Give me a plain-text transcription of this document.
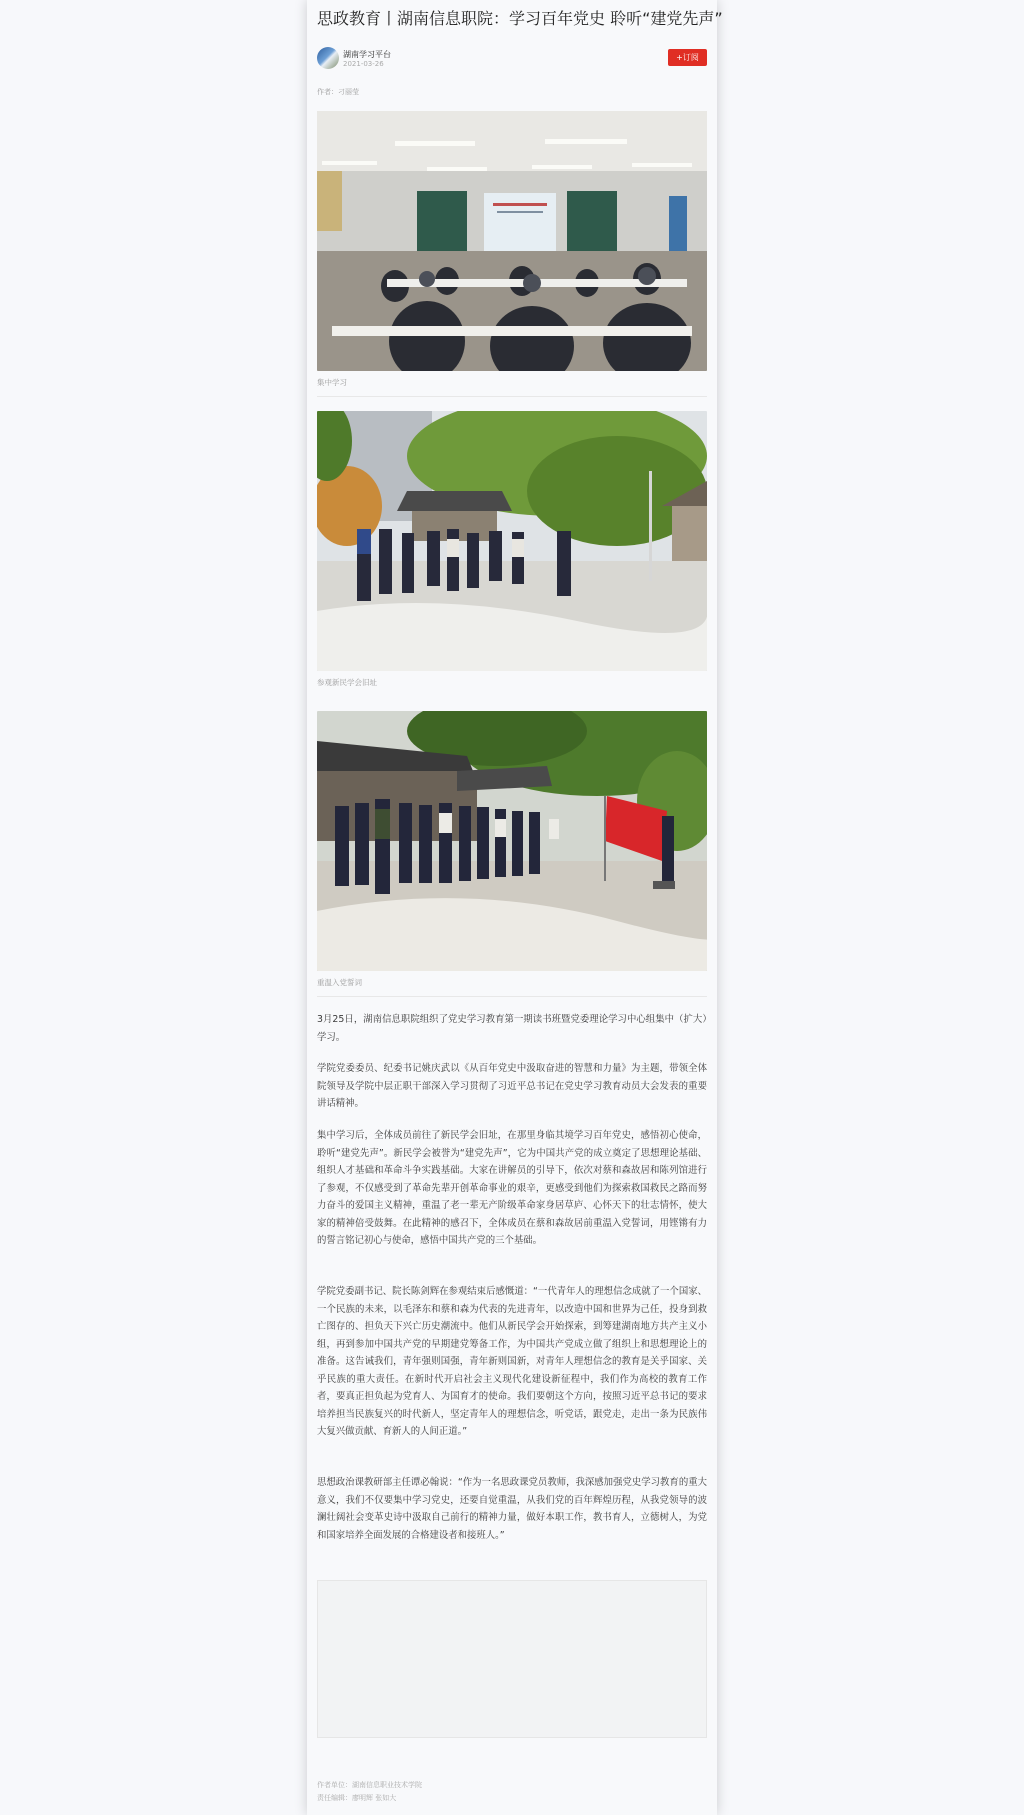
思政教育丨湖南信息职院：学习百年党史 聆听“建党先声”
湖南学习平台
2021-03-26
+订阅
作者：刁丽莹
集中学习
参观新民学会旧址
重温入党誓词
3月25日，湖南信息职院组织了党史学习教育第一期读书班暨党委理论学习中心组集中（扩大）学习。
学院党委委员、纪委书记姚庆武以《从百年党史中汲取奋进的智慧和力量》为主题，带领全体院领导及学院中层正职干部深入学习贯彻了习近平总书记在党史学习教育动员大会发表的重要讲话精神。
集中学习后，全体成员前往了新民学会旧址，在那里身临其境学习百年党史，感悟初心使命，聆听“建党先声”。新民学会被誉为“建党先声”，它为中国共产党的成立奠定了思想理论基础、组织人才基础和革命斗争实践基础。大家在讲解员的引导下，依次对蔡和森故居和陈列馆进行了参观，不仅感受到了革命先辈开创革命事业的艰辛，更感受到他们为探索救国救民之路而努力奋斗的爱国主义精神，重温了老一辈无产阶级革命家身居草庐、心怀天下的壮志情怀，使大家的精神倍受鼓舞。在此精神的感召下，全体成员在蔡和森故居前重温入党誓词，用铿锵有力的誓言铭记初心与使命，感悟中国共产党的三个基础。
学院党委副书记、院长陈剑辉在参观结束后感慨道：“一代青年人的理想信念成就了一个国家、一个民族的未来，以毛泽东和蔡和森为代表的先进青年，以改造中国和世界为己任，投身到救亡图存的、担负天下兴亡历史潮流中。他们从新民学会开始探索，到筹建湖南地方共产主义小组，再到参加中国共产党的早期建党筹备工作，为中国共产党成立做了组织上和思想理论上的准备。这告诫我们，青年强则国强，青年新则国新，对青年人理想信念的教育是关乎国家、关乎民族的重大责任。在新时代开启社会主义现代化建设新征程中，我们作为高校的教育工作者，要真正担负起为党育人、为国育才的使命。我们要朝这个方向，按照习近平总书记的要求培养担当民族复兴的时代新人，坚定青年人的理想信念，听党话，跟党走，走出一条为民族伟大复兴做贡献、育新人的人间正道。”
思想政治课教研部主任谭必翰说：“作为一名思政课党员教师，我深感加强党史学习教育的重大意义，我们不仅要集中学习党史，还要自觉重温，从我们党的百年辉煌历程，从我党领导的波澜壮阔社会变革史诗中汲取自己前行的精神力量，做好本职工作，教书育人，立德树人，为党和国家培养全面发展的合格建设者和接班人。”
作者单位：湖南信息职业技术学院
责任编辑：廖明辉 张如大
